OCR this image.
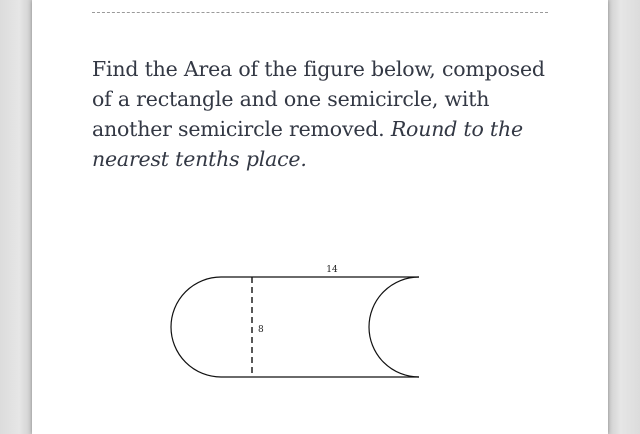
Find the Area of the figure below, composed of a rectangle and one semicircle, with another semicircle removed. Round to the nearest tenths place.

14
8
